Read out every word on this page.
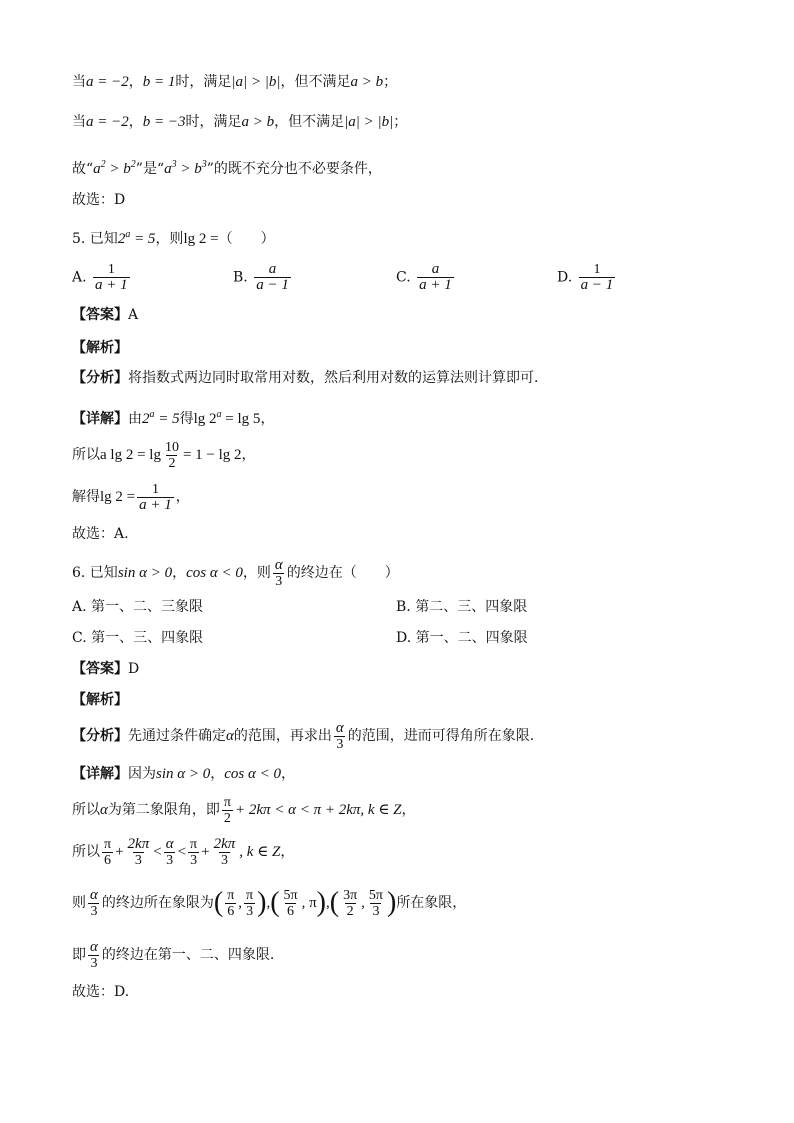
当a = −2，b = 1时，满足|a| > |b|，但不满足a > b；
当a = −2，b = −3时，满足a > b，但不满足|a| > |b|；
故“$a^2 > b^2$”是“$a^3 > b^3$”的既不充分也不必要条件，
故选：D
5. 已知$2^a = 5$，则lg 2 =（　　）
A. $\frac{1}{a + 1}$	B. $\frac{a}{a - 1}$	C. $\frac{a}{a + 1}$	D. $\frac{1}{a - 1}$
【答案】A
【解析】
【分析】将指数式两边同时取常用对数，然后利用对数的运算法则计算即可.
【详解】由$2^a = 5$得$\lg 2^a = \lg 5$，
所以a $\lg 2 = \lg \frac{10}{2} = 1 - \lg 2$，
解得$\lg 2 = \frac{1}{a + 1}$ ，
故选：A.
6. 已知sin α > 0，cos α < 0，则 $\frac{\alpha}{3}$ 的终边在（　　）
A. 第一、二、三象限	B. 第二、三、四象限
C. 第一、三、四象限	D. 第一、二、四象限
【答案】D
【解析】
【分析】先通过条件确定α的范围，再求出 $\frac{\alpha}{3}$ 的范围，进而可得角所在象限.
【详解】因为sin α > 0，cos α < 0，
所以α为第二象限角，即 $\frac{\pi}{2} + 2k\pi < \alpha < \pi + 2k\pi$, k ∈ Z，
所以 $\frac{\pi}{6} + \frac{2k\pi}{3} < \frac{\alpha}{3} < \frac{\pi}{3} + \frac{2k\pi}{3}$ , k ∈ Z，
则 $\frac{\alpha}{3}$ 的终边所在象限为( $\frac{\pi}{6}$ , $\frac{\pi}{3}$ ),( $\frac{5\pi}{6}$ , $\pi),( \frac{3\pi}{2}$ , $\frac{5\pi}{3}$ )所在象限，
即 $\frac{\alpha}{3}$ 的终边在第一、二、四象限.
故选：D.
